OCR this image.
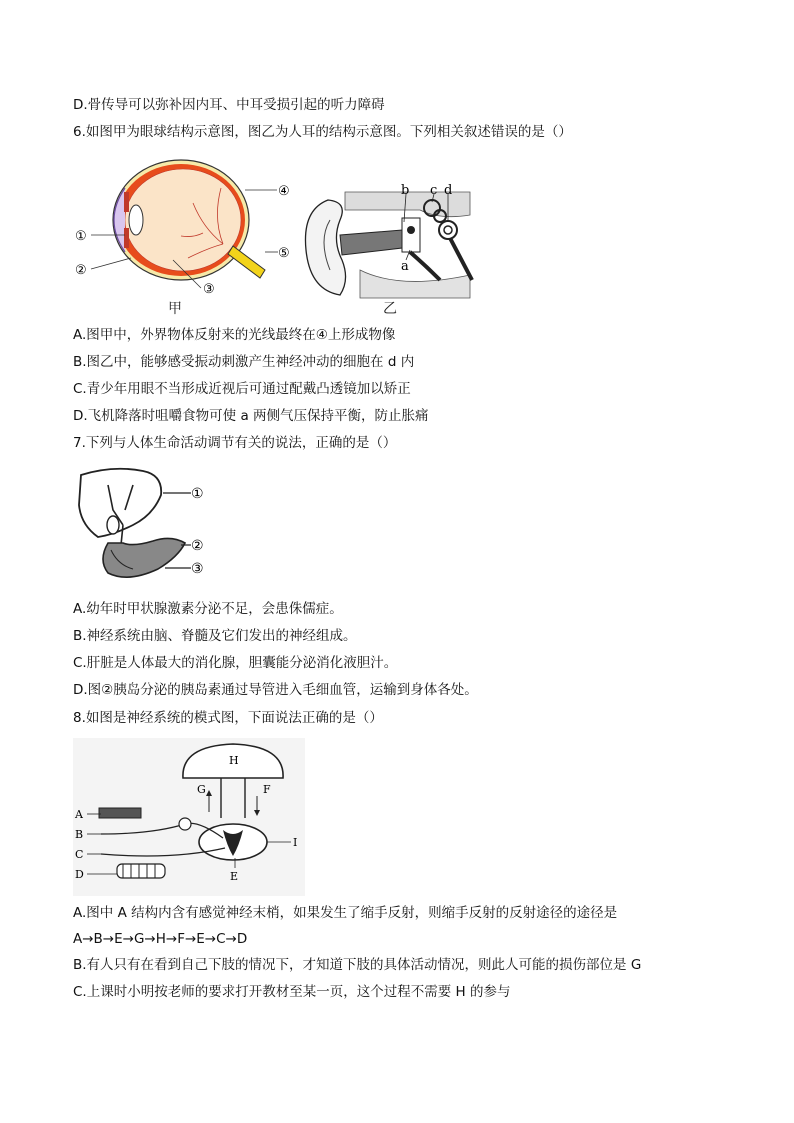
D.骨传导可以弥补因内耳、中耳受损引起的听力障碍
6.如图甲为眼球结构示意图，图乙为人耳的结构示意图。下列相关叙述错误的是（）
①
②
③
④
⑤
甲
b c d
a
乙
A.图甲中，外界物体反射来的光线最终在④上形成物像
B.图乙中，能够感受振动刺激产生神经冲动的细胞在 d 内
C.青少年用眼不当形成近视后可通过配戴凸透镜加以矫正
D.飞机降落时咀嚼食物可使 a 两侧气压保持平衡，防止胀痛
7.下列与人体生命活动调节有关的说法，正确的是（）
①
②
③
A.幼年时甲状腺激素分泌不足，会患侏儒症。
B.神经系统由脑、脊髓及它们发出的神经组成。
C.肝脏是人体最大的消化腺，胆囊能分泌消化液胆汁。
D.图②胰岛分泌的胰岛素通过导管进入毛细血管，运输到身体各处。
8.如图是神经系统的模式图，下面说法正确的是（）
A
B
C
D	E
F
G
H
I
A.图中 A 结构内含有感觉神经末梢，如果发生了缩手反射，则缩手反射的反射途径的途径是
A→B→E→G→H→F→E→C→D
B.有人只有在看到自己下肢的情况下，才知道下肢的具体活动情况，则此人可能的损伤部位是 G
C.上课时小明按老师的要求打开教材至某一页，这个过程不需要 H 的参与
